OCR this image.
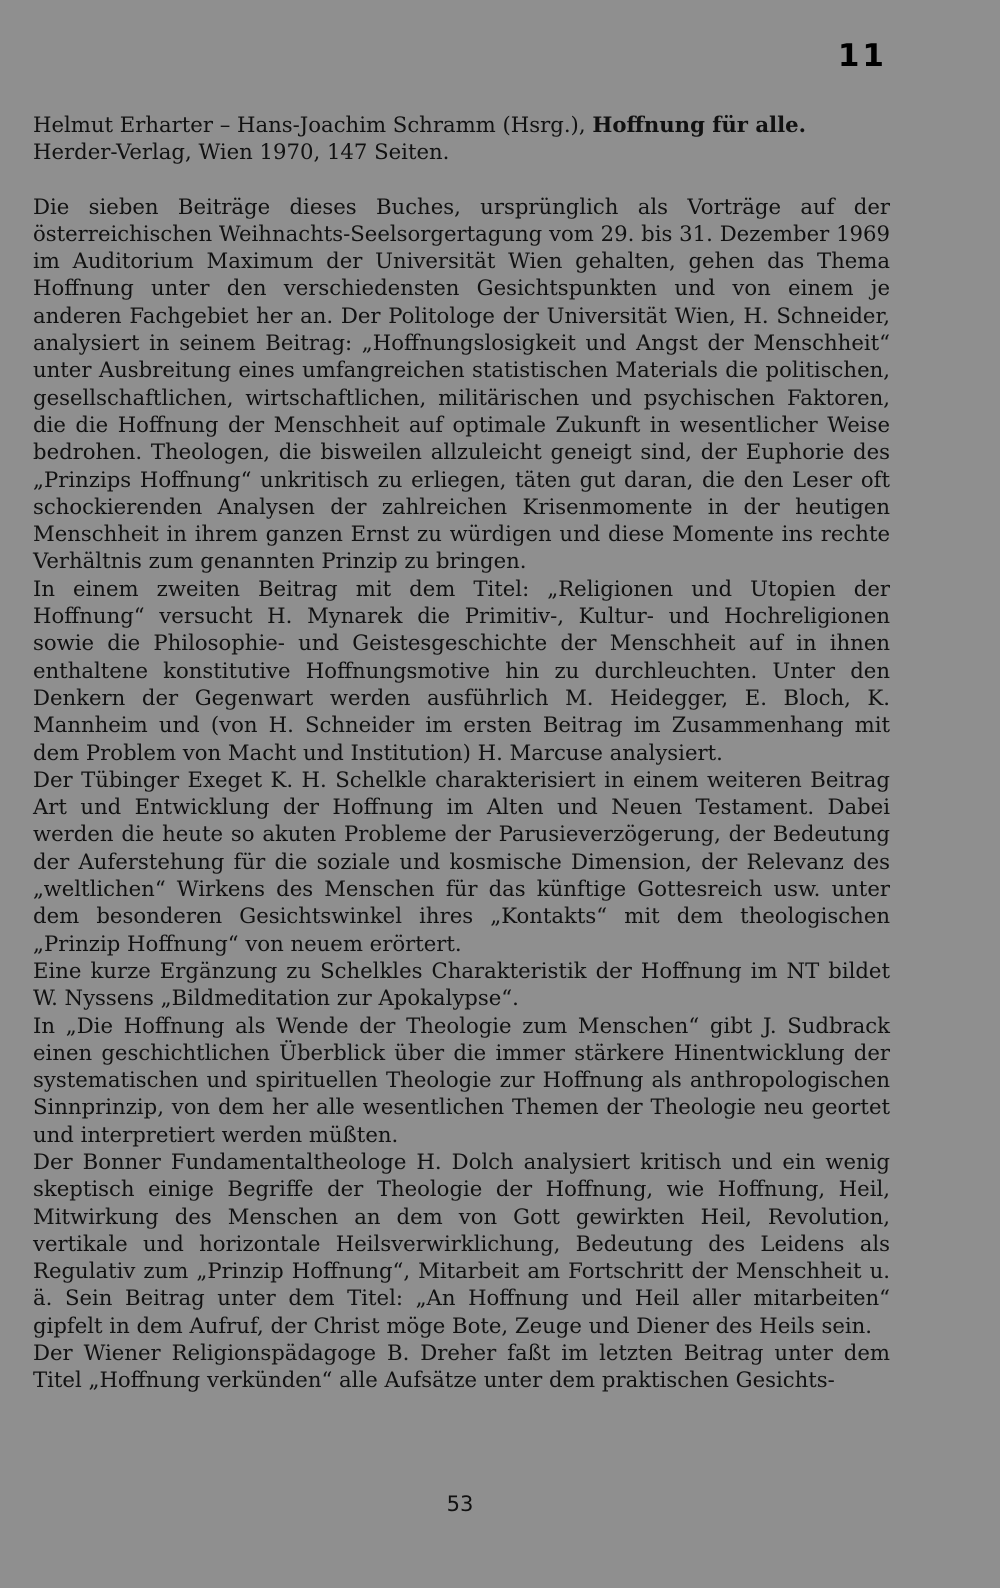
11

Helmut Erharter – Hans-Joachim Schramm (Hsrg.), Hoffnung für alle.
Herder-Verlag, Wien 1970, 147 Seiten.

Die sieben Beiträge dieses Buches, ursprünglich als Vorträge auf der österreichischen Weihnachts-Seelsorgertagung vom 29. bis 31. Dezember 1969 im Auditorium Maximum der Universität Wien gehalten, gehen das Thema Hoffnung unter den verschiedensten Gesichtspunkten und von einem je anderen Fachgebiet her an. Der Politologe der Universität Wien, H. Schneider, analysiert in seinem Beitrag: „Hoffnungslosigkeit und Angst der Menschheit“ unter Ausbreitung eines umfangreichen statistischen Materials die politischen, gesellschaftlichen, wirtschaftlichen, militärischen und psychischen Faktoren, die die Hoffnung der Menschheit auf optimale Zukunft in wesentlicher Weise bedrohen. Theologen, die bisweilen allzuleicht geneigt sind, der Euphorie des „Prinzips Hoffnung“ unkritisch zu erliegen, täten gut daran, die den Leser oft schockierenden Analysen der zahlreichen Krisenmomente in der heutigen Menschheit in ihrem ganzen Ernst zu würdigen und diese Momente ins rechte Verhältnis zum genannten Prinzip zu bringen.

In einem zweiten Beitrag mit dem Titel: „Religionen und Utopien der Hoffnung“ versucht H. Mynarek die Primitiv-, Kultur- und Hochreligionen sowie die Philosophie- und Geistesgeschichte der Menschheit auf in ihnen enthaltene konstitutive Hoffnungsmotive hin zu durchleuchten. Unter den Denkern der Gegenwart werden ausführlich M. Heidegger, E. Bloch, K. Mannheim und (von H. Schneider im ersten Beitrag im Zusammenhang mit dem Problem von Macht und Institution) H. Marcuse analysiert.

Der Tübinger Exeget K. H. Schelkle charakterisiert in einem weiteren Beitrag Art und Entwicklung der Hoffnung im Alten und Neuen Testament. Dabei werden die heute so akuten Probleme der Parusieverzögerung, der Bedeutung der Auferstehung für die soziale und kosmische Dimension, der Relevanz des „weltlichen“ Wirkens des Menschen für das künftige Gottesreich usw. unter dem besonderen Gesichtswinkel ihres „Kontakts“ mit dem theologischen „Prinzip Hoffnung“ von neuem erörtert.

Eine kurze Ergänzung zu Schelkles Charakteristik der Hoffnung im NT bildet W. Nyssens „Bildmeditation zur Apokalypse“.

In „Die Hoffnung als Wende der Theologie zum Menschen“ gibt J. Sudbrack einen geschichtlichen Überblick über die immer stärkere Hinentwicklung der systematischen und spirituellen Theologie zur Hoffnung als anthropologischen Sinnprinzip, von dem her alle wesentlichen Themen der Theologie neu geortet und interpretiert werden müßten.

Der Bonner Fundamentaltheologe H. Dolch analysiert kritisch und ein wenig skeptisch einige Begriffe der Theologie der Hoffnung, wie Hoffnung, Heil, Mitwirkung des Menschen an dem von Gott gewirkten Heil, Revolution, vertikale und horizontale Heilsverwirklichung, Bedeutung des Leidens als Regulativ zum „Prinzip Hoffnung“, Mitarbeit am Fortschritt der Menschheit u. ä. Sein Beitrag unter dem Titel: „An Hoffnung und Heil aller mitarbeiten“ gipfelt in dem Aufruf, der Christ möge Bote, Zeuge und Diener des Heils sein.

Der Wiener Religionspädagoge B. Dreher faßt im letzten Beitrag unter dem Titel „Hoffnung verkünden“ alle Aufsätze unter dem praktischen Gesichts-

53
